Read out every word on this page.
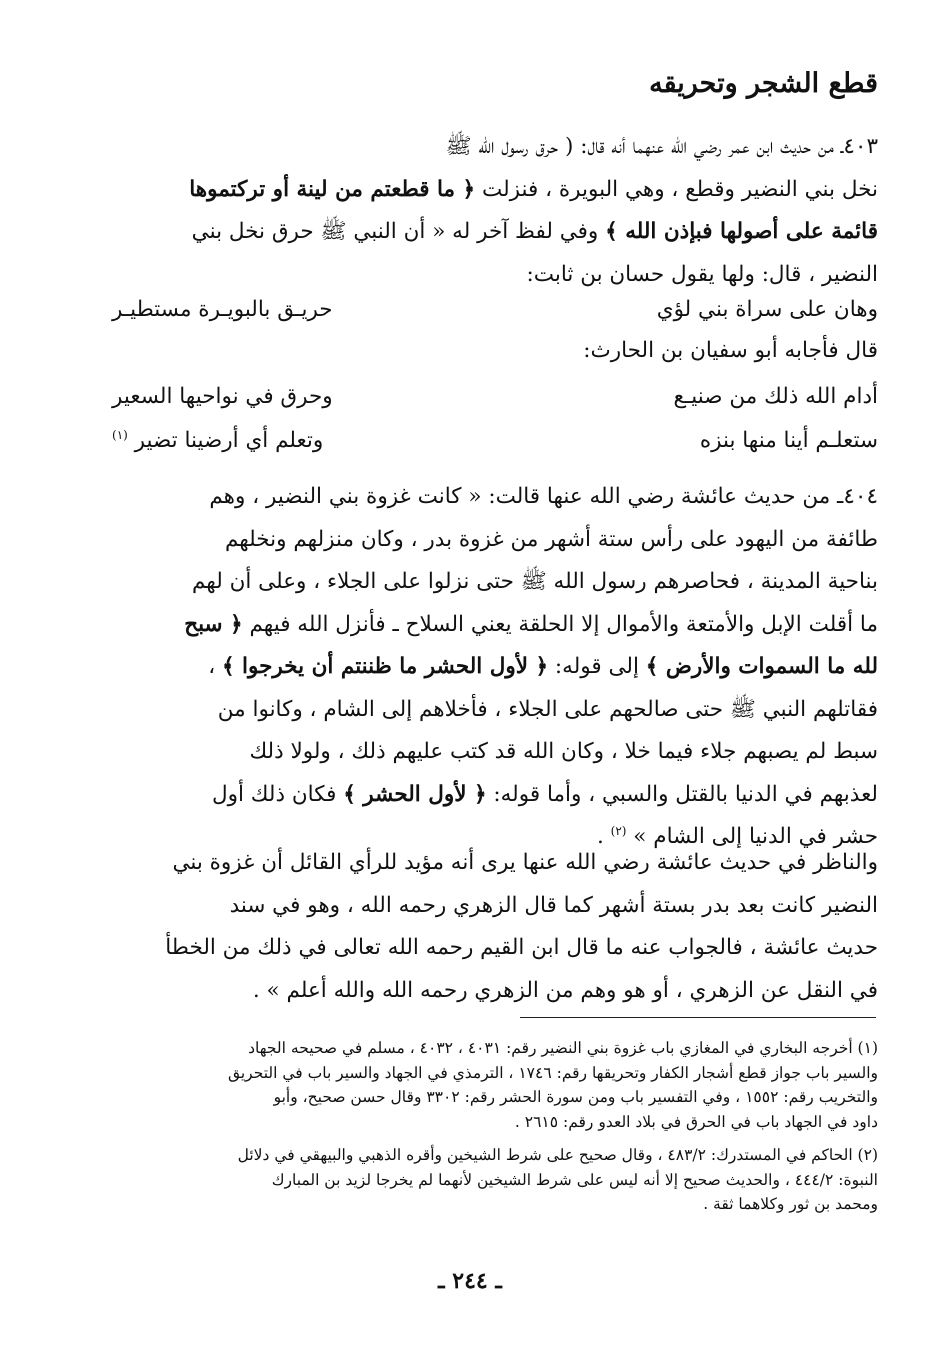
قطع الشجر وتحريقه
٤٠٣ـ من حديث ابن عمر رضي الله عنهما أنه قال: ( حرق رسول الله ﷺ
نخل بني النضير وقطع ، وهي البويرة ، فنزلت ﴿ ما قطعتم من لينة أو تركتموها
قائمة على أصولها فبإذن الله ﴾ وفي لفظ آخر له « أن النبي ﷺ حرق نخل بني
النضير ، قال: ولها يقول حسان بن ثابت:
وهان على سراة بني لؤي
حريـق بالبويـرة مستطيـر
قال فأجابه أبو سفيان بن الحارث:
أدام الله ذلك من صنيـع
وحرق في نواحيها السعير
ستعلـم أينا منها بنزه
وتعلم أي أرضينا تضير $^{(١)}$
٤٠٤ـ من حديث عائشة رضي الله عنها قالت: « كانت غزوة بني النضير ، وهم
طائفة من اليهود على رأس ستة أشهر من غزوة بدر ، وكان منزلهم ونخلهم
بناحية المدينة ، فحاصرهم رسول الله ﷺ حتى نزلوا على الجلاء ، وعلى أن لهم
ما أقلت الإبل والأمتعة والأموال إلا الحلقة يعني السلاح ـ فأنزل الله فيهم ﴿ سبح
لله ما السموات والأرض ﴾ إلى قوله: ﴿ لأول الحشر ما ظننتم أن يخرجوا ﴾ ،
فقاتلهم النبي ﷺ حتى صالحهم على الجلاء ، فأخلاهم إلى الشام ، وكانوا من
سبط لم يصبهم جلاء فيما خلا ، وكان الله قد كتب عليهم ذلك ، ولولا ذلك
لعذبهم في الدنيا بالقتل والسبي ، وأما قوله: ﴿ لأول الحشر ﴾ فكان ذلك أول
حشر في الدنيا إلى الشام » $^{(٢)}$ .
والناظر في حديث عائشة رضي الله عنها يرى أنه مؤيد للرأي القائل أن غزوة بني
النضير كانت بعد بدر بستة أشهر كما قال الزهري رحمه الله ، وهو في سند
حديث عائشة ، فالجواب عنه ما قال ابن القيم رحمه الله تعالى في ذلك من الخطأ
في النقل عن الزهري ، أو هو وهم من الزهري رحمه الله والله أعلم » .
(١) أخرجه البخاري في المغازي باب غزوة بني النضير رقم: ٤٠٣١ ، ٤٠٣٢ ، مسلم في صحيحه الجهاد
والسير باب جواز قطع أشجار الكفار وتحريقها رقم: ١٧٤٦ ، الترمذي في الجهاد والسير باب في التحريق
والتخريب رقم: ١٥٥٢ ، وفي التفسير باب ومن سورة الحشر رقم: ٣٣٠٢ وقال حسن صحيح، وأبو
داود في الجهاد باب في الحرق في بلاد العدو رقم: ٢٦١٥ .
(٢) الحاكم في المستدرك: ٤٨٣/٢ ، وقال صحيح على شرط الشيخين وأقره الذهبي والبيهقي في دلائل
النبوة: ٤٤٤/٢ ، والحديث صحيح إلا أنه ليس على شرط الشيخين لأنهما لم يخرجا لزيد بن المبارك
ومحمد بن ثور وكلاهما ثقة .
ـ ٢٤٤ ـ
